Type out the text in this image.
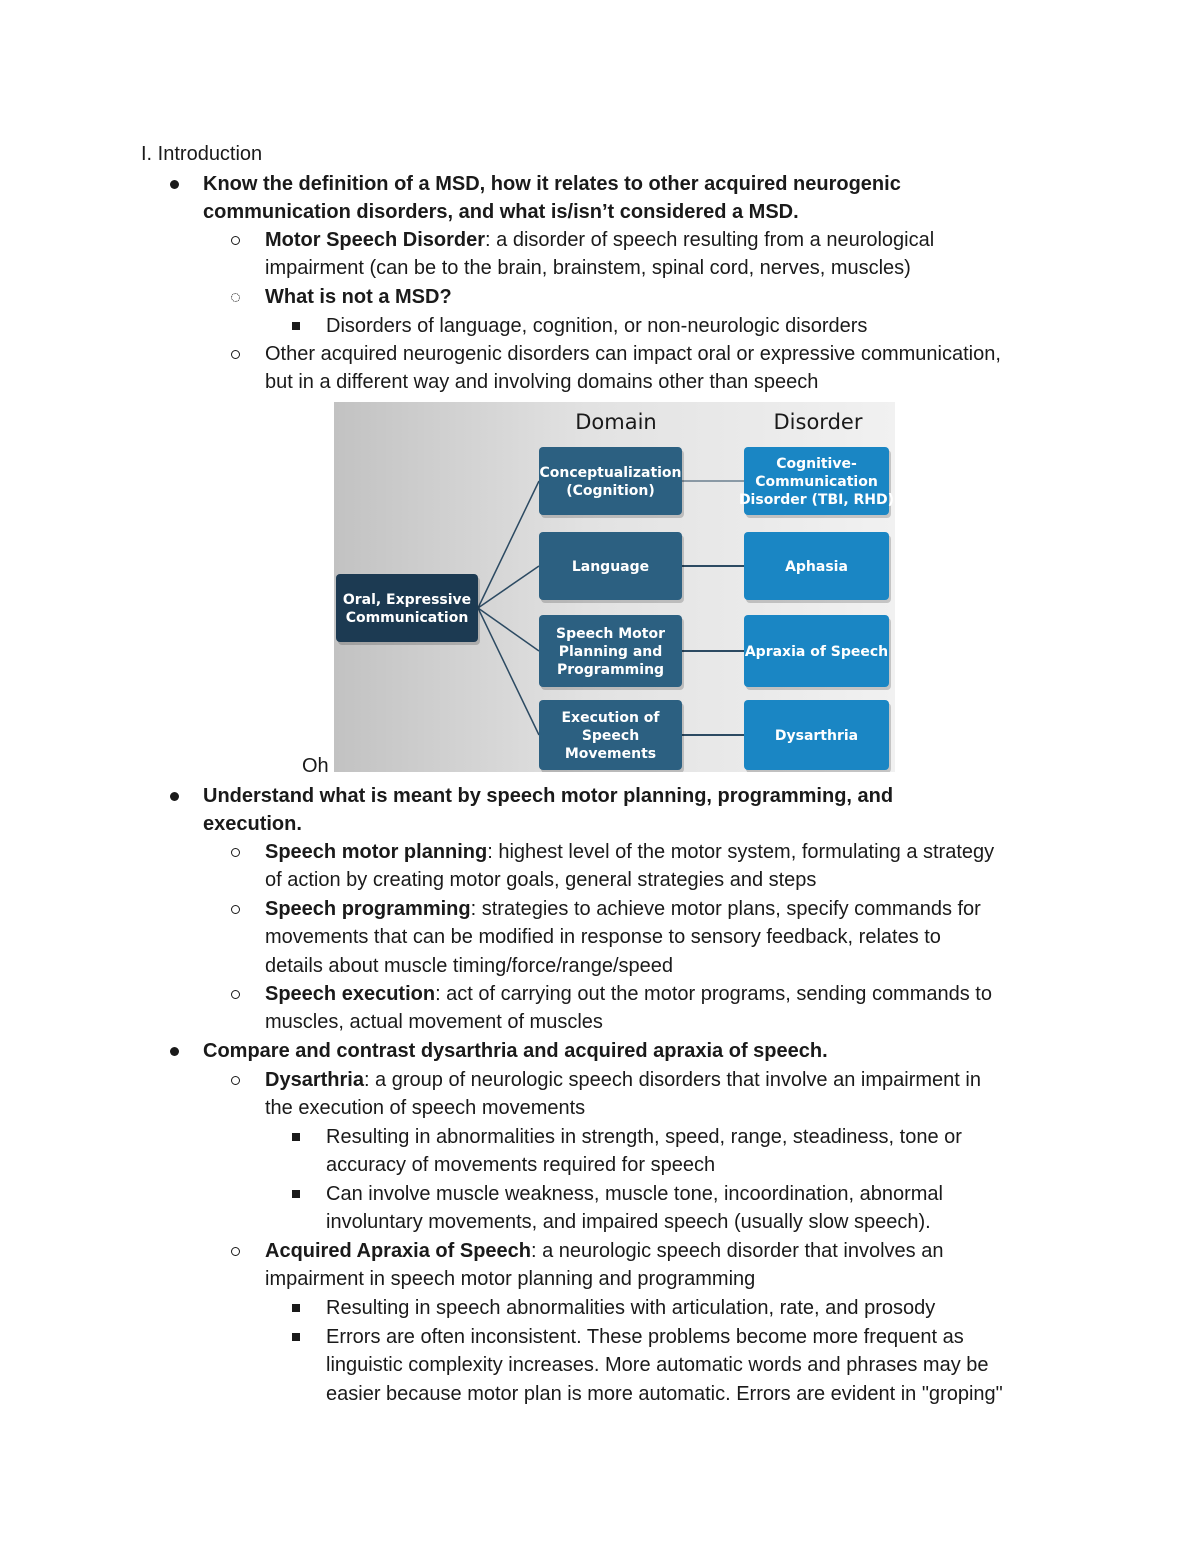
I. Introduction
Know the definition of a MSD, how it relates to other acquired neurogenic
communication disorders, and what is/isn’t considered a MSD.
Motor Speech Disorder: a disorder of speech resulting from a neurological
impairment (can be to the brain, brainstem, spinal cord, nerves, muscles)
What is not a MSD?
Disorders of language, cognition, or non-neurologic disorders
Other acquired neurogenic disorders can impact oral or expressive communication,
but in a different way and involving domains other than speech
Domain	Disorder
Oral, Expressive
Communication
Conceptualization
(Cognition)
Cognitive-
Communication
Disorder (TBI, RHD)
Language	Aphasia
Speech Motor
Planning and
Programming
Apraxia of Speech
Execution of
Speech
Movements
Dysarthria
Oh
Understand what is meant by speech motor planning, programming, and
execution.
Speech motor planning: highest level of the motor system, formulating a strategy
of action by creating motor goals, general strategies and steps
Speech programming: strategies to achieve motor plans, specify commands for
movements that can be modified in response to sensory feedback, relates to
details about muscle timing/force/range/speed
Speech execution: act of carrying out the motor programs, sending commands to
muscles, actual movement of muscles
Compare and contrast dysarthria and acquired apraxia of speech.
Dysarthria: a group of neurologic speech disorders that involve an impairment in
the execution of speech movements
Resulting in abnormalities in strength, speed, range, steadiness, tone or
accuracy of movements required for speech
Can involve muscle weakness, muscle tone, incoordination, abnormal
involuntary movements, and impaired speech (usually slow speech).
Acquired Apraxia of Speech: a neurologic speech disorder that involves an
impairment in speech motor planning and programming
Resulting in speech abnormalities with articulation, rate, and prosody
Errors are often inconsistent. These problems become more frequent as
linguistic complexity increases. More automatic words and phrases may be
easier because motor plan is more automatic. Errors are evident in "groping"
